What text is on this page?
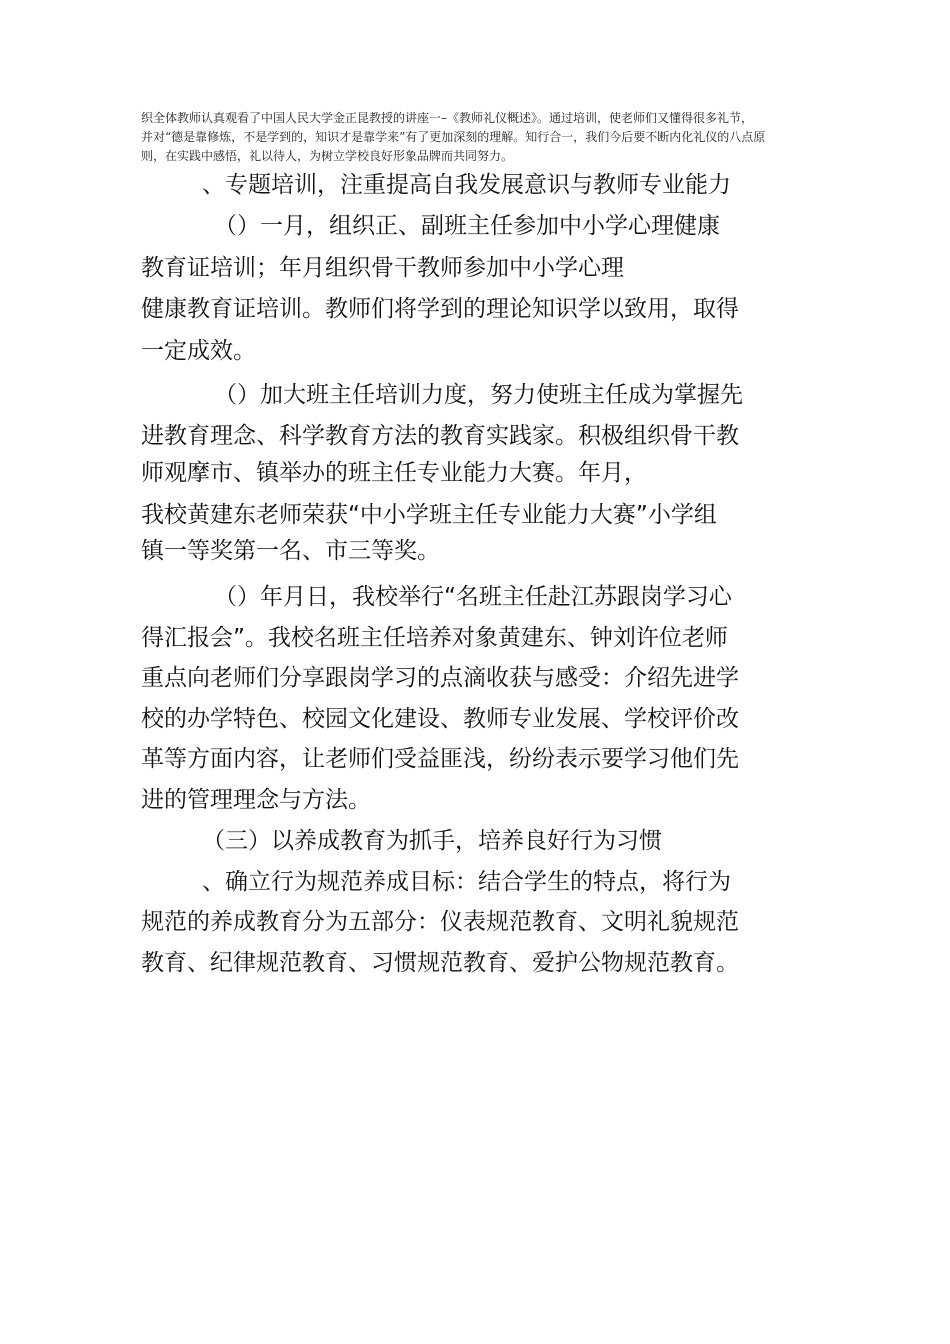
织全体教师认真观看了中国人民大学金正昆教授的讲座一–《教师礼仪概述》。通过培训，使老师们又懂得很多礼节，
并对“德是靠修炼，不是学到的，知识才是靠学来”有了更加深刻的理解。知行合一，我们今后要不断内化礼仪的八点原
则，在实践中感悟，礼以待人，为树立学校良好形象品牌而共同努力。
、专题培训，注重提高自我发展意识与教师专业能力
（）一月，组织正、副班主任参加中小学心理健康
教育证培训；年月组织骨干教师参加中小学心理
健康教育证培训。教师们将学到的理论知识学以致用，取得
一定成效。
（）加大班主任培训力度，努力使班主任成为掌握先
进教育理念、科学教育方法的教育实践家。积极组织骨干教
师观摩市、镇举办的班主任专业能力大赛。年月，
我校黄建东老师荣获“中小学班主任专业能力大赛”小学组
镇一等奖第一名、市三等奖。
（）年月日，我校举行“名班主任赴江苏跟岗学习心
得汇报会”。我校名班主任培养对象黄建东、钟刘许位老师
重点向老师们分享跟岗学习的点滴收获与感受：介绍先进学
校的办学特色、校园文化建设、教师专业发展、学校评价改
革等方面内容，让老师们受益匪浅，纷纷表示要学习他们先
进的管理理念与方法。
（三）以养成教育为抓手，培养良好行为习惯
、确立行为规范养成目标：结合学生的特点，将行为
规范的养成教育分为五部分：仪表规范教育、文明礼貌规范
教育、纪律规范教育、习惯规范教育、爱护公物规范教育。
